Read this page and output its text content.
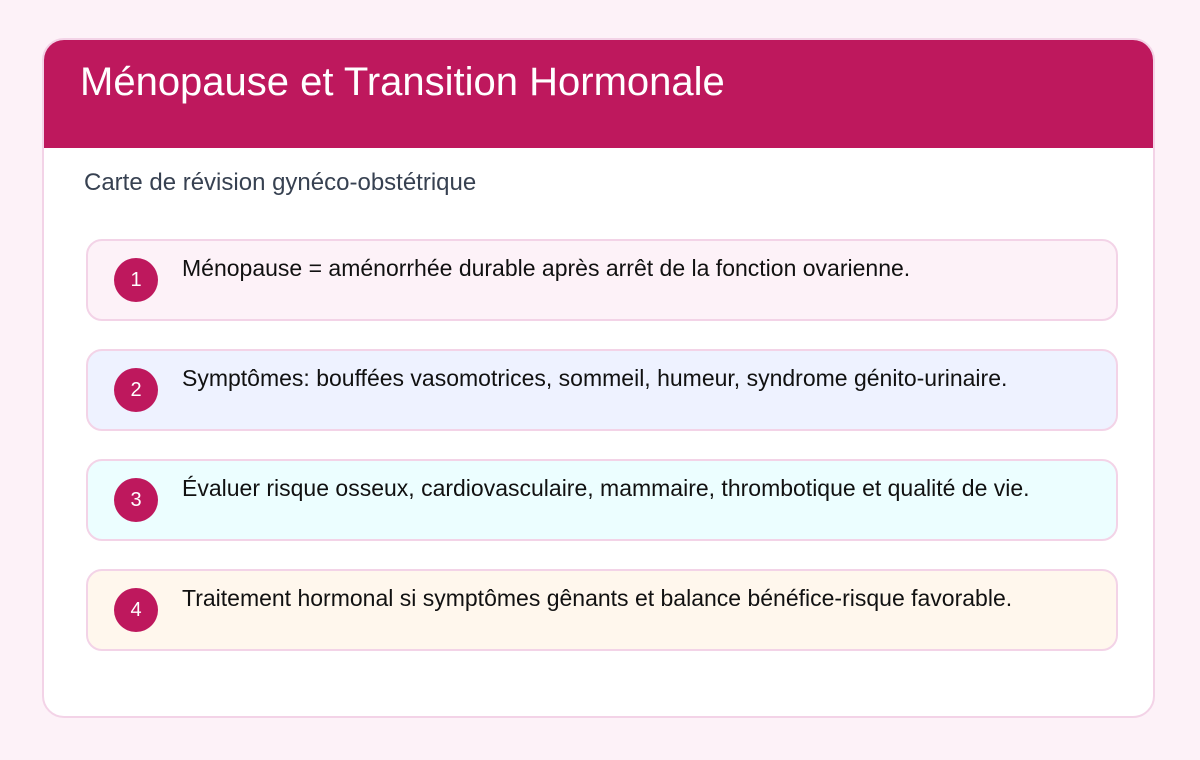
Ménopause et Transition Hormonale

Carte de révision gynéco-obstétrique

1	Ménopause = aménorrhée durable après arrêt de la fonction ovarienne.

2	Symptômes: bouffées vasomotrices, sommeil, humeur, syndrome génito-urinaire.

3	Évaluer risque osseux, cardiovasculaire, mammaire, thrombotique et qualité de vie.

4	Traitement hormonal si symptômes gênants et balance bénéfice-risque favorable.
